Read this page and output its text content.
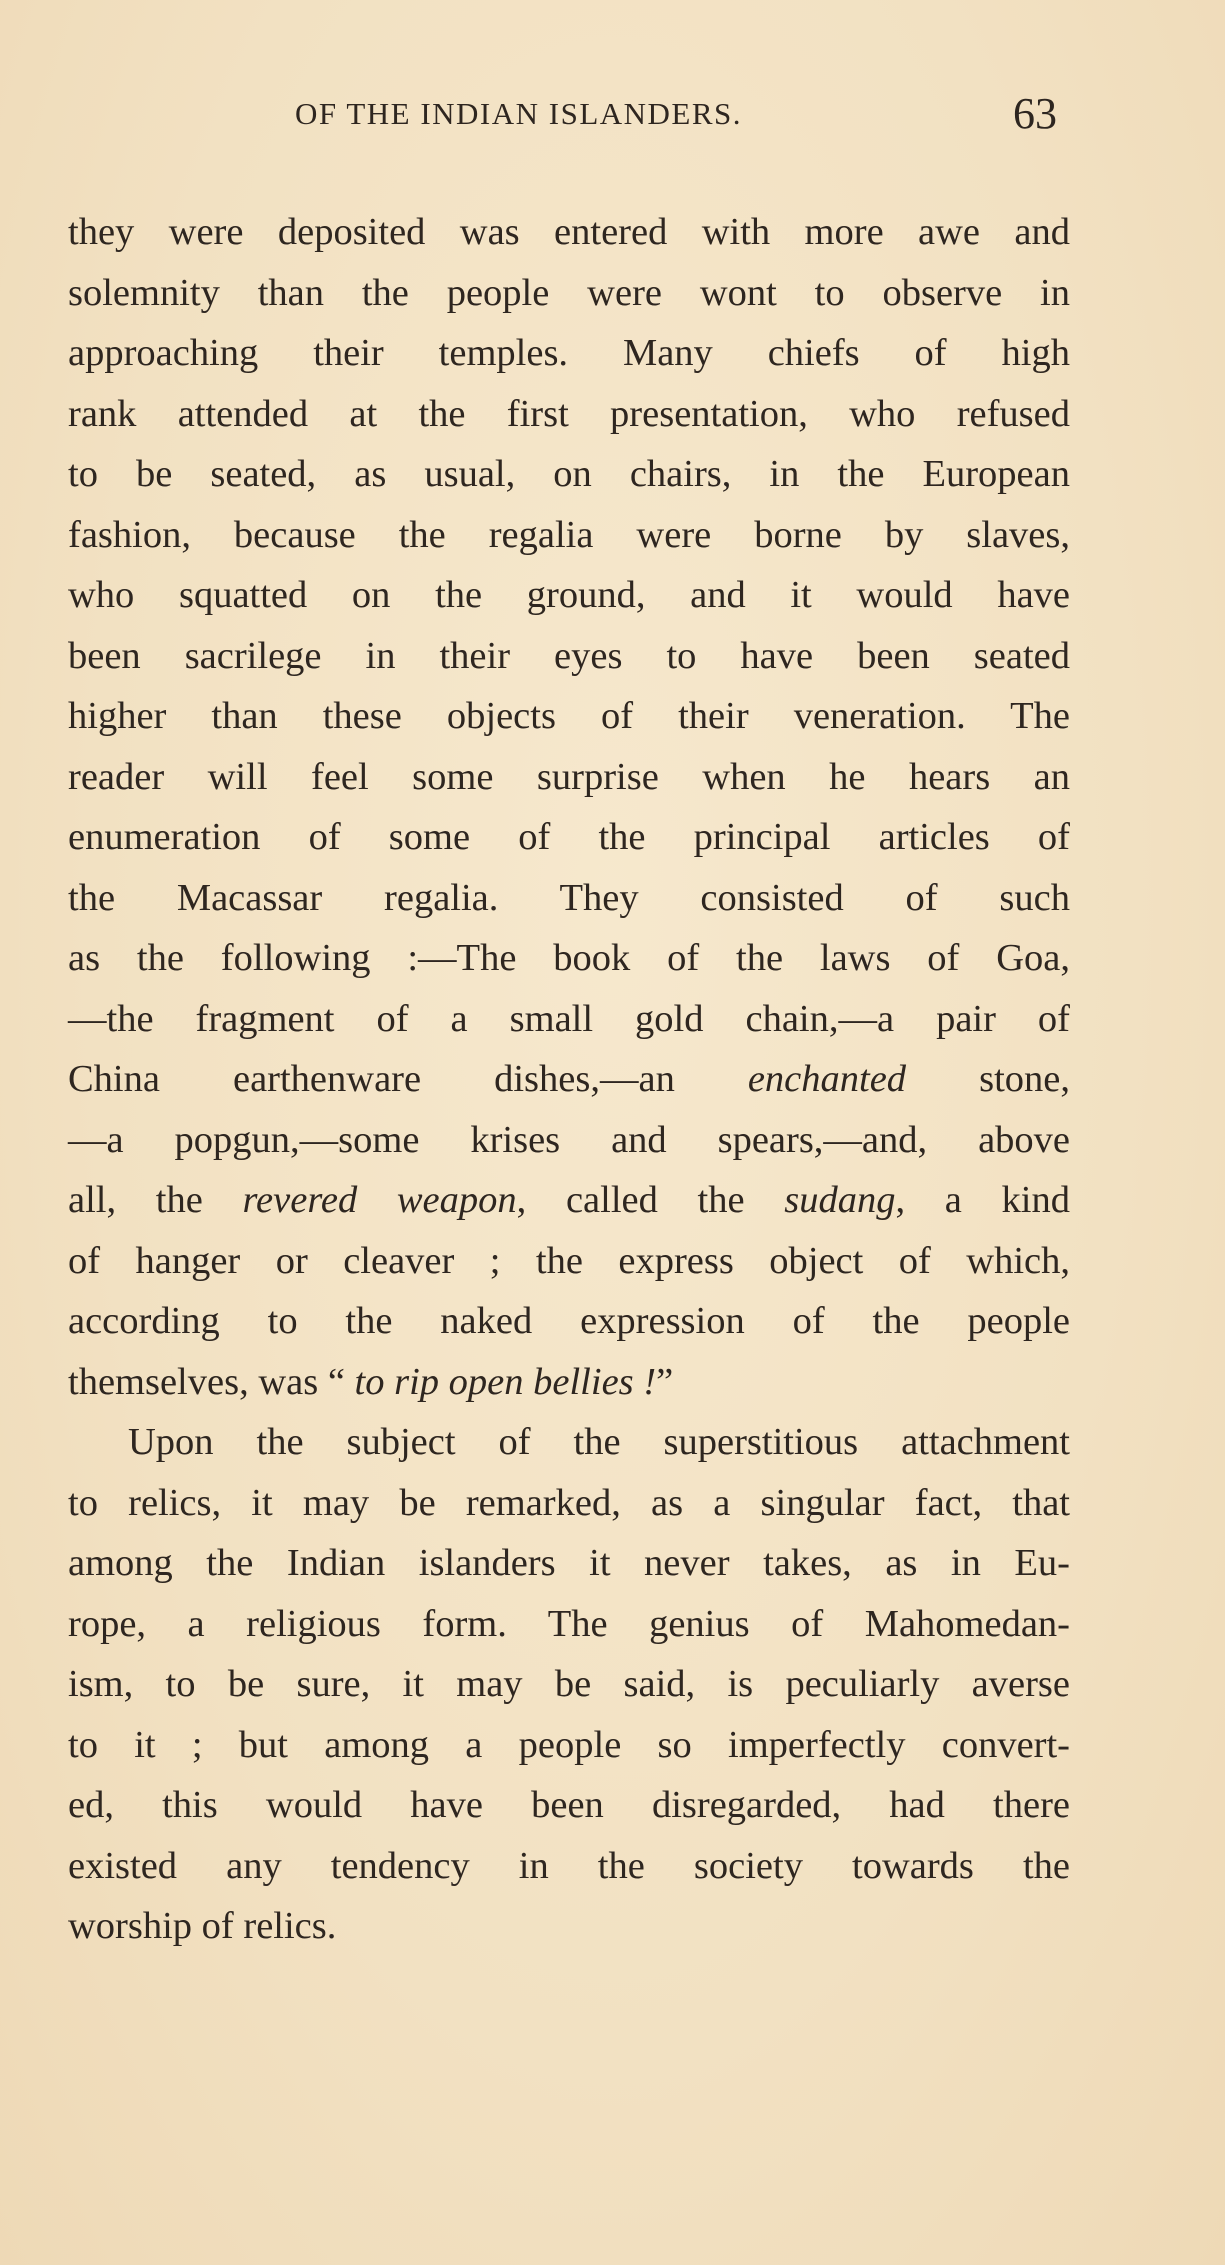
OF THE INDIAN ISLANDERS.	63
they were deposited was entered with more awe and
solemnity than the people were wont to observe in
approaching their temples. Many chiefs of high
rank attended at the first presentation, who refused
to be seated, as usual, on chairs, in the European
fashion, because the regalia were borne by slaves,
who squatted on the ground, and it would have
been sacrilege in their eyes to have been seated
higher than these objects of their veneration. The
reader will feel some surprise when he hears an
enumeration of some of the principal articles of
the Macassar regalia. They consisted of such
as the following :—The book of the laws of Goa,
—the fragment of a small gold chain,—a pair of
China earthenware dishes,—an enchanted stone,
—a popgun,—some krises and spears,—and, above
all, the revered weapon, called the sudang, a kind
of hanger or cleaver ; the express object of which,
according to the naked expression of the people
themselves, was “ to rip open bellies !”
Upon the subject of the superstitious attachment
to relics, it may be remarked, as a singular fact, that
among the Indian islanders it never takes, as in Eu-
rope, a religious form. The genius of Mahomedan-
ism, to be sure, it may be said, is peculiarly averse
to it ; but among a people so imperfectly convert-
ed, this would have been disregarded, had there
existed any tendency in the society towards the
worship of relics.
